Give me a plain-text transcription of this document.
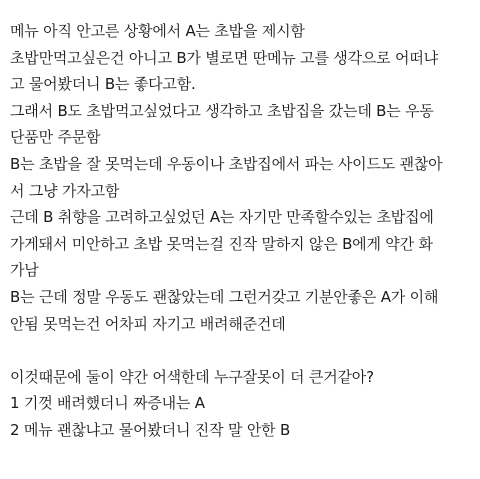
메뉴 아직 안고른 상황에서 A는 초밥을 제시함
초밥만먹고싶은건 아니고 B가 별로면 딴메뉴 고를 생각으로 어떠냐
고 물어봤더니 B는 좋다고함.
그래서 B도 초밥먹고싶었다고 생각하고 초밥집을 갔는데 B는 우동
단품만 주문함
B는 초밥을 잘 못먹는데 우동이나 초밥집에서 파는 사이드도 괜찮아
서 그냥 가자고함
근데 B 취향을 고려하고싶었던 A는 자기만 만족할수있는 초밥집에
가게돼서 미안하고 초밥 못먹는걸 진작 말하지 않은 B에게 약간 화
가남
B는 근데 정말 우동도 괜찮았는데 그런거갖고 기분안좋은 A가 이해
안됨 못먹는건 어차피 자기고 배려해준건데
이것때문에 둘이 약간 어색한데 누구잘못이 더 큰거같아?
1 기껏 배려했더니 짜증내는 A
2 메뉴 괜찮냐고 물어봤더니 진작 말 안한 B
